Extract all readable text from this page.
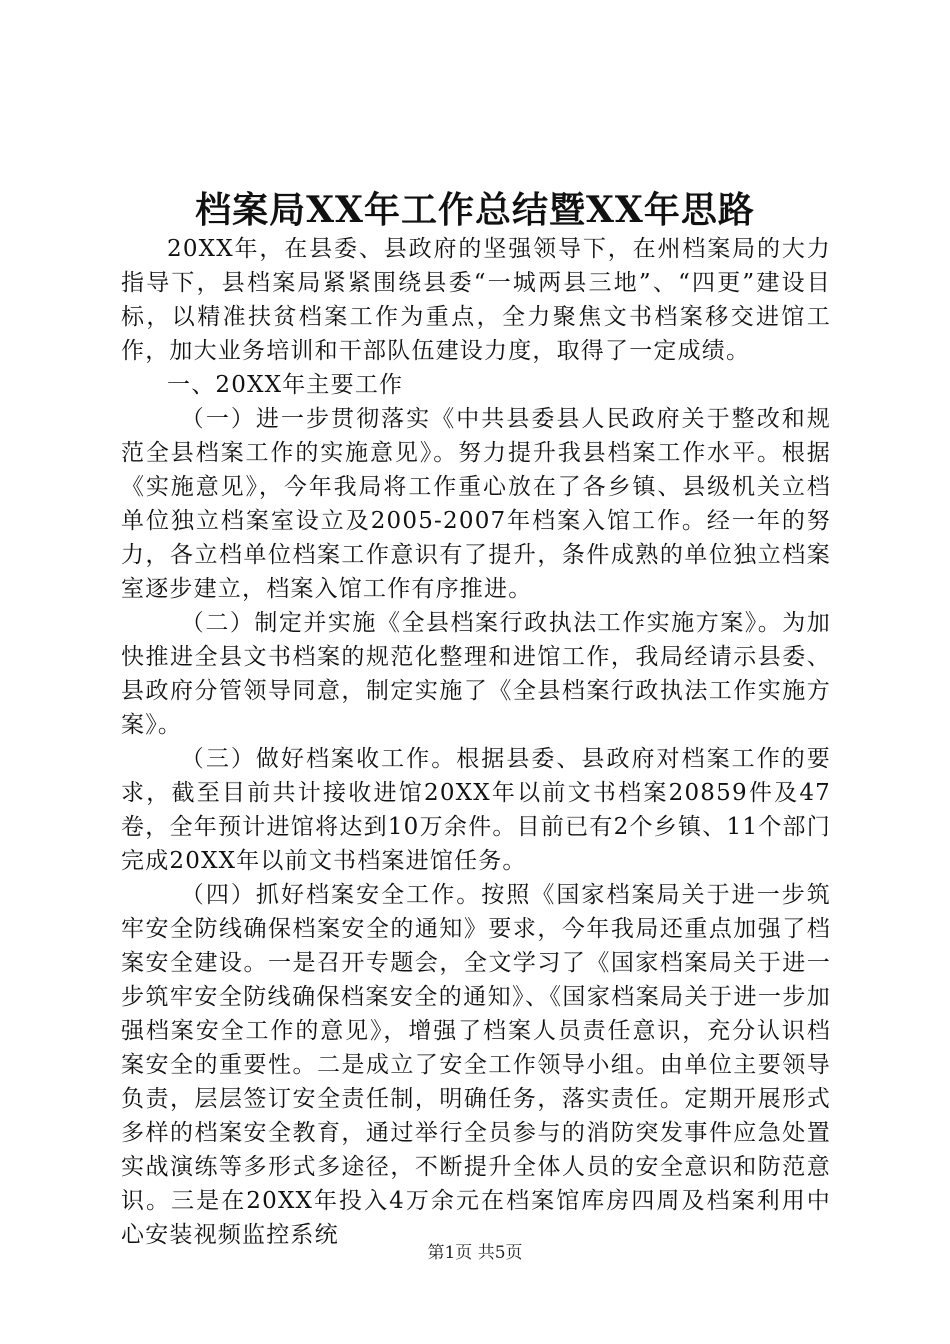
档案局XX年工作总结暨XX年思路

20XX年，在县委、县政府的坚强领导下，在州档案局的大力指导下，县档案局紧紧围绕县委“一城两县三地”、“四更”建设目标，以精准扶贫档案工作为重点，全力聚焦文书档案移交进馆工作，加大业务培训和干部队伍建设力度，取得了一定成绩。

一、20XX年主要工作

（一）进一步贯彻落实《中共县委县人民政府关于整改和规范全县档案工作的实施意见》。努力提升我县档案工作水平。根据《实施意见》，今年我局将工作重心放在了各乡镇、县级机关立档单位独立档案室设立及2005-2007年档案入馆工作。经一年的努力，各立档单位档案工作意识有了提升，条件成熟的单位独立档案室逐步建立，档案入馆工作有序推进。

（二）制定并实施《全县档案行政执法工作实施方案》。为加快推进全县文书档案的规范化整理和进馆工作，我局经请示县委、县政府分管领导同意，制定实施了《全县档案行政执法工作实施方案》。

（三）做好档案收工作。根据县委、县政府对档案工作的要求，截至目前共计接收进馆20XX年以前文书档案20859件及47卷，全年预计进馆将达到10万余件。目前已有2个乡镇、11个部门完成20XX年以前文书档案进馆任务。

（四）抓好档案安全工作。按照《国家档案局关于进一步筑牢安全防线确保档案安全的通知》要求，今年我局还重点加强了档案安全建设。一是召开专题会，全文学习了《国家档案局关于进一步筑牢安全防线确保档案安全的通知》、《国家档案局关于进一步加强档案安全工作的意见》，增强了档案人员责任意识，充分认识档案安全的重要性。二是成立了安全工作领导小组。由单位主要领导负责，层层签订安全责任制，明确任务，落实责任。定期开展形式多样的档案安全教育，通过举行全员参与的消防突发事件应急处置实战演练等多形式多途径，不断提升全体人员的安全意识和防范意识。三是在20XX年投入4万余元在档案馆库房四周及档案利用中心安装视频监控系统

第1页 共5页
